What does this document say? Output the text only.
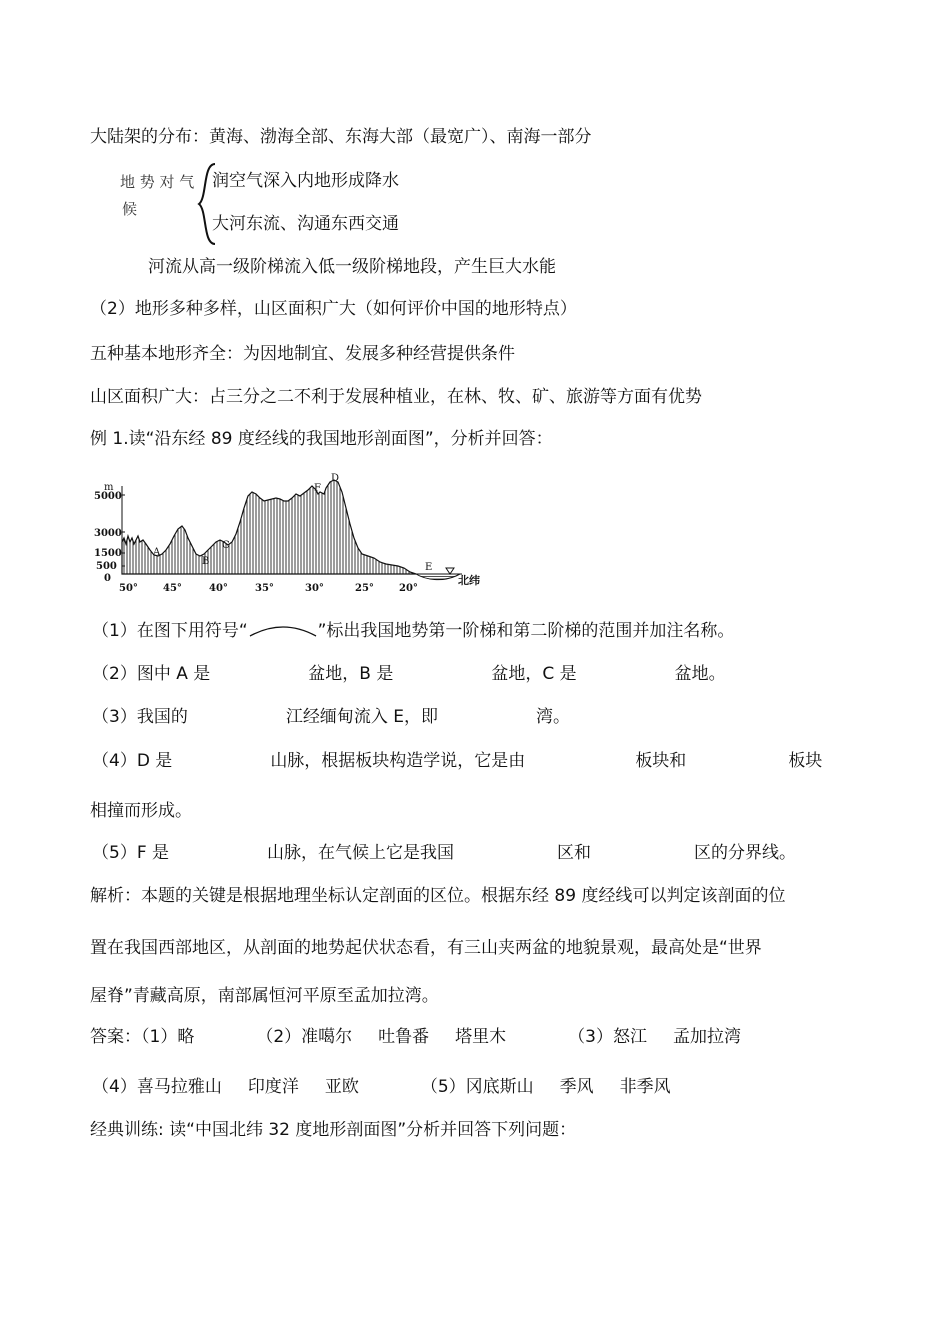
大陆架的分布：黄海、渤海全部、东海大部（最宽广）、南海一部分
地 势 对 气
候
润空气深入内地形成降水
大河东流、沟通东西交通
河流从高一级阶梯流入低一级阶梯地段，产生巨大水能
（2）地形多种多样，山区面积广大（如何评价中国的地形特点）
五种基本地形齐全：为因地制宜、发展多种经营提供条件
山区面积广大：占三分之二不利于发展种植业，在林、牧、矿、旅游等方面有优势
例 1.读“沿东经 89 度经线的我国地形剖面图”，分析并回答：
m
5000
3000
1500
500
0
50°	45°	40°	35°	30°	25°	20°
北纬
A
B
C
D
F
E
（1）在图下用符号“	”标出我国地势第一阶梯和第二阶梯的范围并加注名称。
（2）图中 A 是	盆地，B 是	盆地，C 是	盆地。
（3）我国的	江经缅甸流入 E，即	湾。
（4）D 是	山脉，根据板块构造学说，它是由	板块和	板块
相撞而形成。
（5）F 是	山脉，在气候上它是我国	区和	区的分界线。
解析：本题的关键是根据地理坐标认定剖面的区位。根据东经 89 度经线可以判定该剖面的位
置在我国西部地区，从剖面的地势起伏状态看，有三山夹两盆的地貌景观，最高处是“世界
屋脊”青藏高原，南部属恒河平原至孟加拉湾。
答案：（1）略	（2）准噶尔 吐鲁番 塔里木	（3）怒江 孟加拉湾
（4）喜马拉雅山 印度洋 亚欧	（5）冈底斯山 季风 非季风
经典训练: 读“中国北纬 32 度地形剖面图”分析并回答下列问题：
